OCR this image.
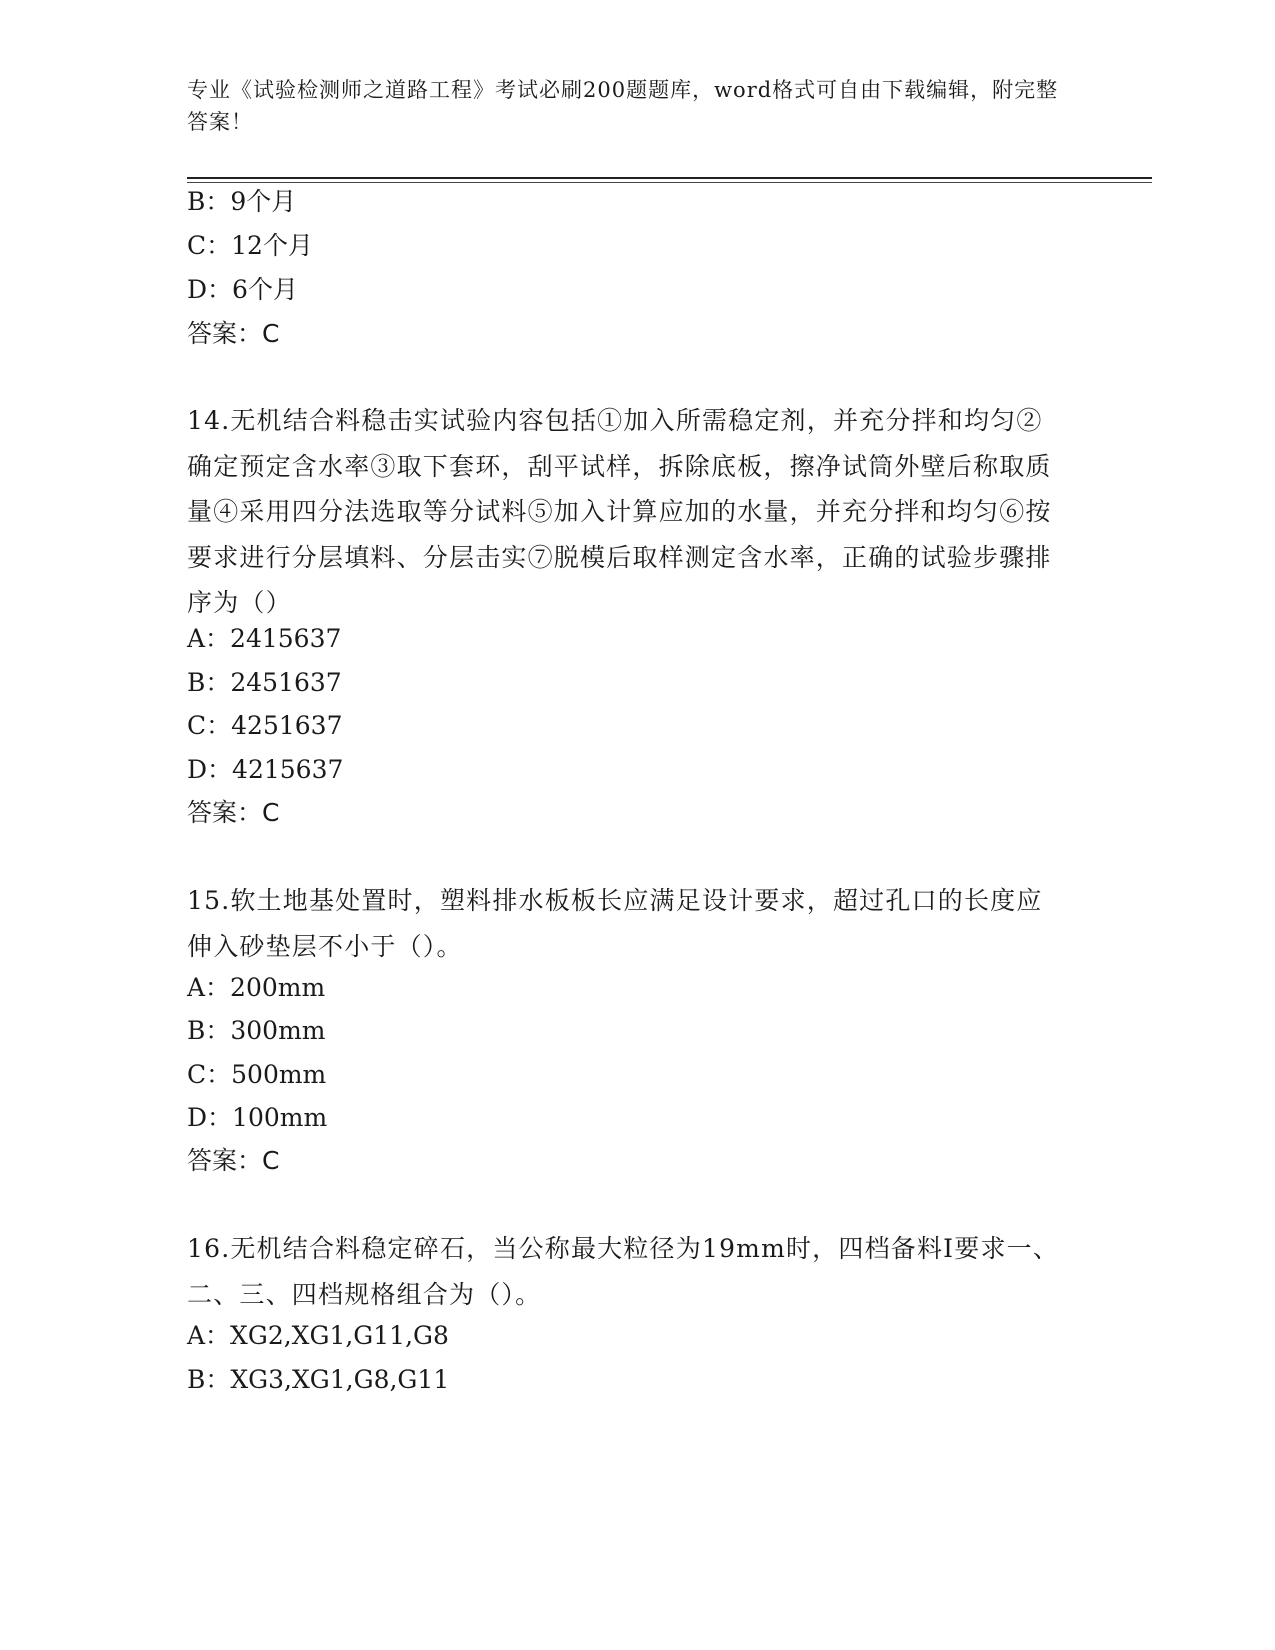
专业《试验检测师之道路工程》考试必刷200题题库，word格式可自由下载编辑，附完整答案！
B：9个月
C：12个月
D：6个月
答案：C
14.无机结合料稳击实试验内容包括①加入所需稳定剂，并充分拌和均匀②确定预定含水率③取下套环，刮平试样，拆除底板，擦净试筒外壁后称取质量④采用四分法选取等分试料⑤加入计算应加的水量，并充分拌和均匀⑥按要求进行分层填料、分层击实⑦脱模后取样测定含水率，正确的试验步骤排序为（）
A：2415637
B：2451637
C：4251637
D：4215637
答案：C
15.软土地基处置时，塑料排水板板长应满足设计要求，超过孔口的长度应伸入砂垫层不小于（）。
A：200mm
B：300mm
C：500mm
D：100mm
答案：C
16.无机结合料稳定碎石，当公称最大粒径为19mm时，四档备料I要求一、二、三、四档规格组合为（）。
A：XG2,XG1,G11,G8
B：XG3,XG1,G8,G11
